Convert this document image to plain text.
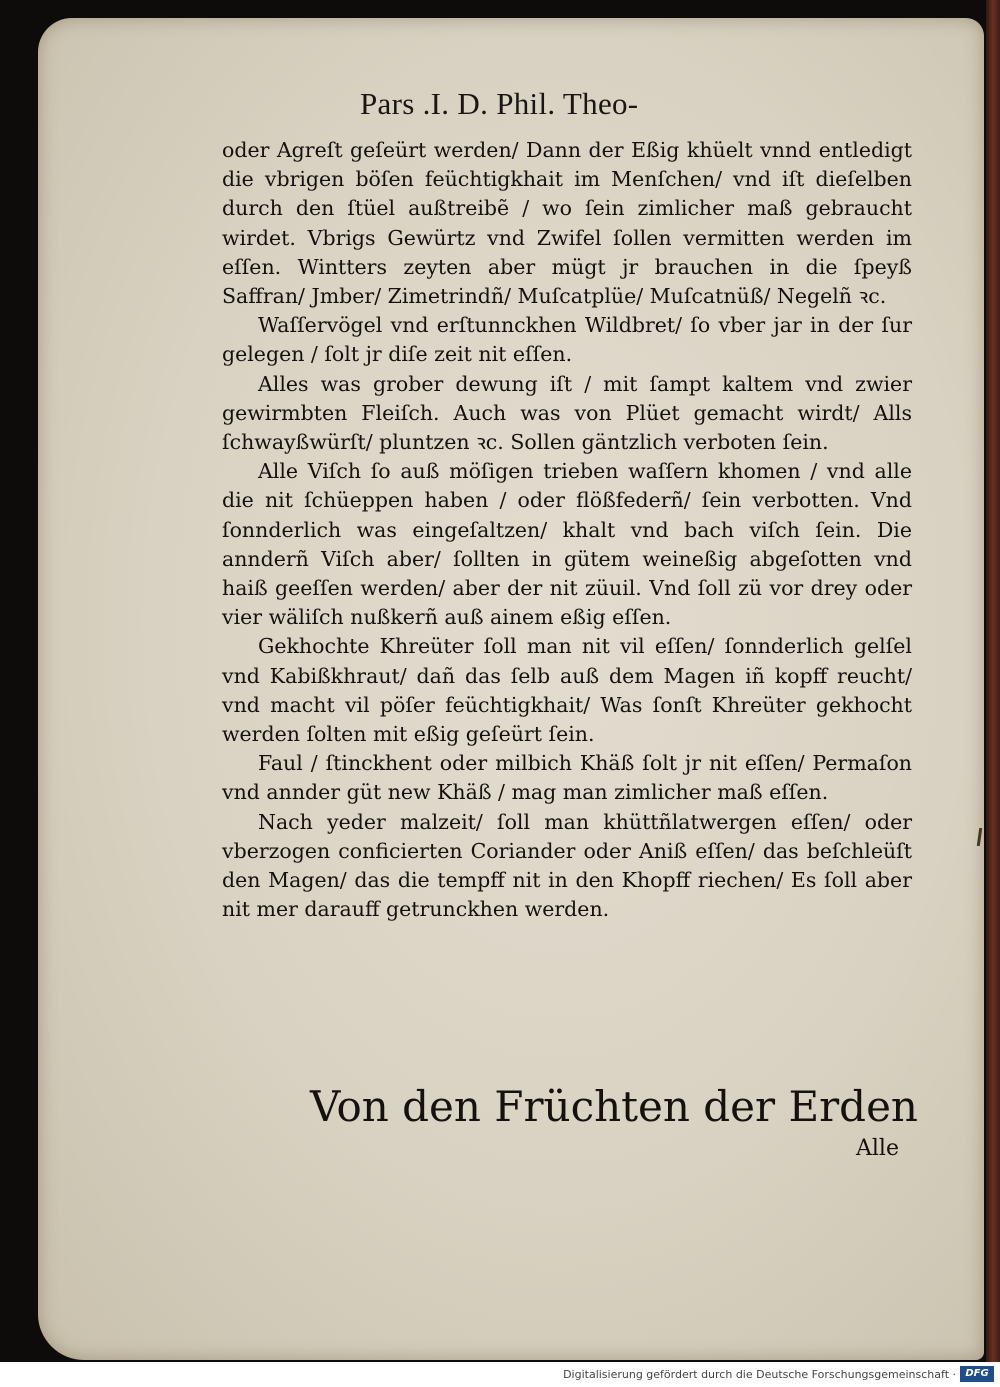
Pars .I. D. Phil. Theo-

oder Agreſt geſeürt werden/ Dann der Eßig khüelt vnnd entledigt die vbrigen böſen feüchtigkhait im Menſchen/ vnd iſt dieſelben durch den ſtüel außtreibẽ / wo ſein zimlicher maß gebraucht wirdet. Vbrigs Gewürtz vnd Zwifel ſollen vermitten werden im eſſen. Wintters zeyten aber mügt jr brauchen in die ſpeyß Saffran/ Jmber/ Zimetrindñ/ Muſcatplüe/ Muſcatnüß/ Negelñ ꝛc.

Waſſervögel vnd erſtunnckhen Wildbret/ ſo vber jar in der ſur gelegen / ſolt jr diſe zeit nit eſſen.

Alles was grober dewung iſt / mit ſampt kaltem vnd zwier gewirmbten Fleiſch. Auch was von Plüet gemacht wirdt/ Alls ſchwayßwürſt/ pluntzen ꝛc. Sollen gäntzlich verboten ſein.

Alle Viſch ſo auß möſigen trieben waſſern khomen / vnd alle die nit ſchüeppen haben / oder flößfederñ/ ſein verbotten. Vnd ſonnderlich was eingeſaltzen/ khalt vnd bach viſch ſein. Die annderñ Viſch aber/ ſollten in gütem weineßig abgeſotten vnd haiß geeſſen werden/ aber der nit züuil. Vnd ſoll zü vor drey oder vier wäliſch nußkerñ auß ainem eßig eſſen.

Gekhochte Khreüter ſoll man nit vil eſſen/ ſonnderlich gelſel vnd Kabißkhraut/ dañ das ſelb auß dem Magen iñ kopff reucht/ vnd macht vil pöſer feüchtigkhait/ Was ſonſt Khreüter gekhocht werden ſolten mit eßig geſeürt ſein.

Faul / ſtinckhent oder milbich Khäß ſolt jr nit eſſen/ Permaſon vnd annder güt new Khäß / mag man zimlicher maß eſſen.

Nach yeder malzeit/ ſoll man khüttñlatwergen eſſen/ oder vberzogen conficierten Coriander oder Aniß eſſen/ das beſchleüſt den Magen/ das die tempff nit in den Khopff riechen/ Es ſoll aber nit mer darauff getrunckhen werden.

Von den Früchten der Erden
Alle
Digitalisierung gefördert durch die Deutsche Forschungsgemeinschaft · DFG
